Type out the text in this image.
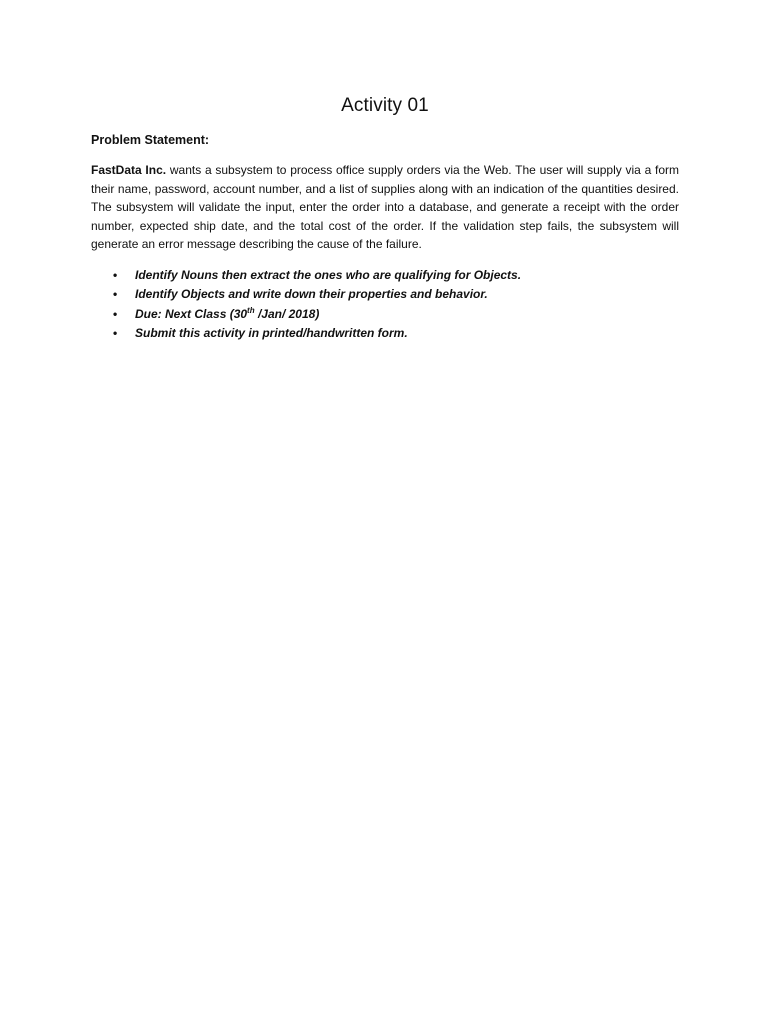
Activity 01
Problem Statement:

FastData Inc. wants a subsystem to process office supply orders via the Web. The user will supply via a form their name, password, account number, and a list of supplies along with an indication of the quantities desired. The subsystem will validate the input, enter the order into a database, and generate a receipt with the order number, expected ship date, and the total cost of the order. If the validation step fails, the subsystem will generate an error message describing the cause of the failure.

• Identify Nouns then extract the ones who are qualifying for Objects.
• Identify Objects and write down their properties and behavior.
• Due: Next Class (30th /Jan/ 2018)
• Submit this activity in printed/handwritten form.
